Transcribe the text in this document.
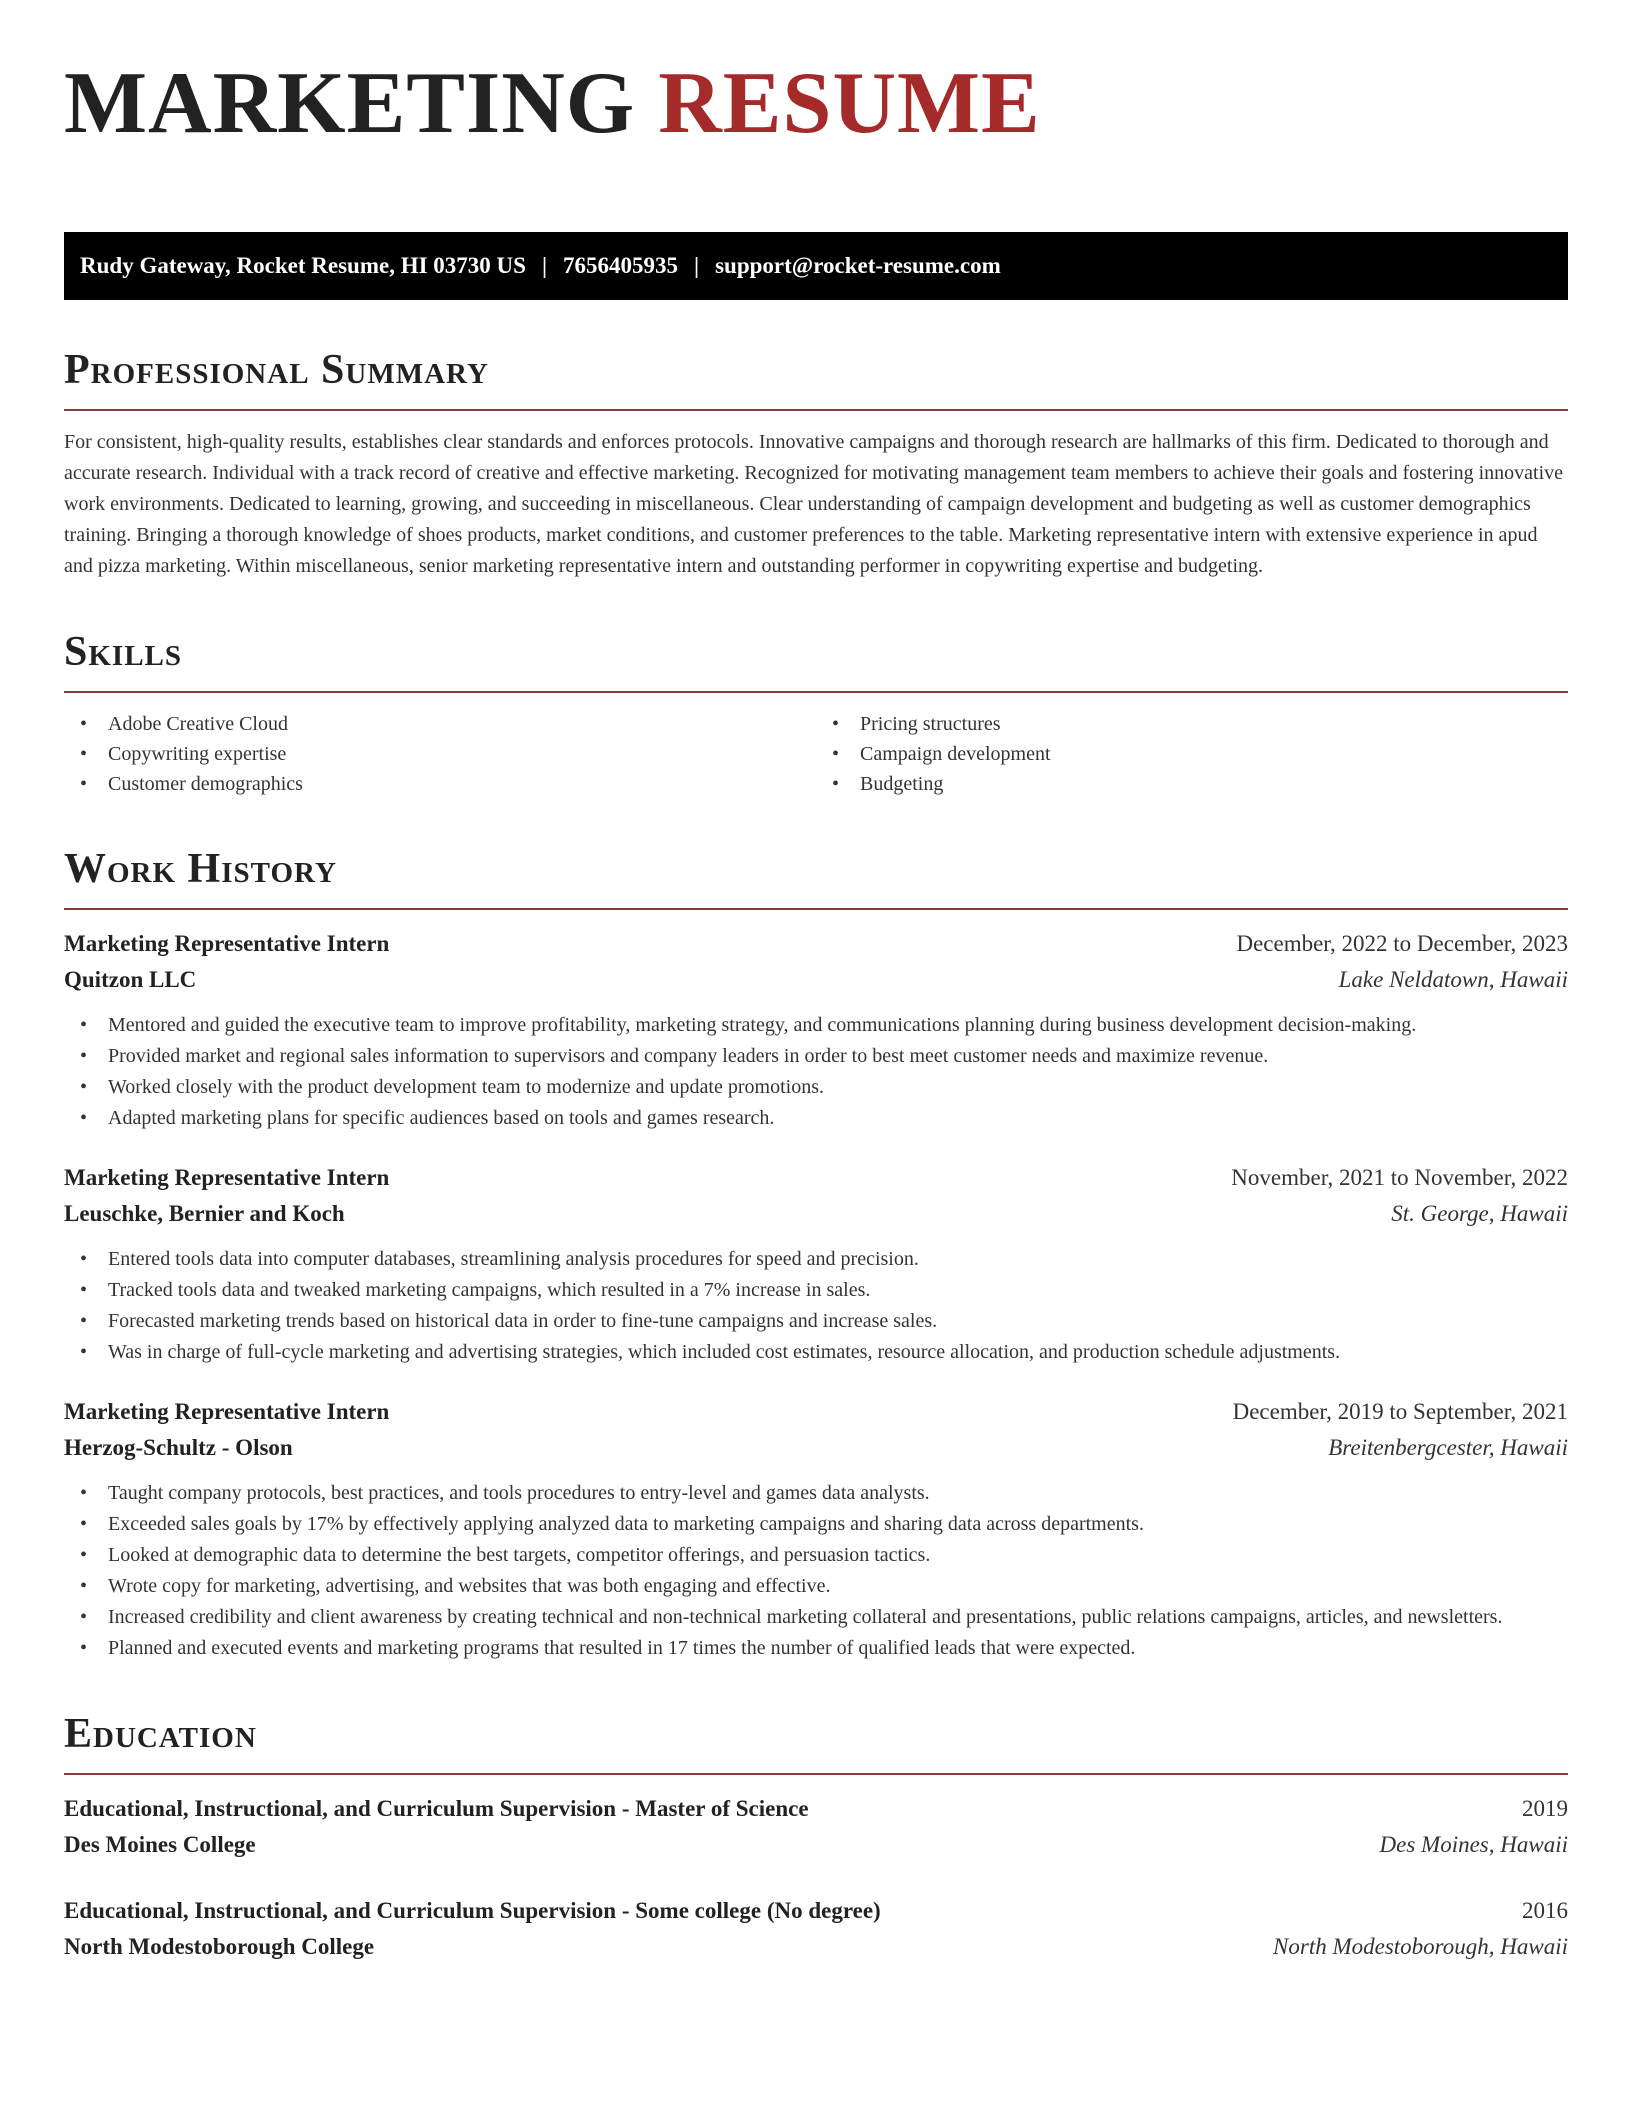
MARKETING RESUME
Rudy Gateway, Rocket Resume, HI 03730 US | 7656405935 | support@rocket-resume.com
Professional Summary

For consistent, high-quality results, establishes clear standards and enforces protocols. Innovative campaigns and thorough research are hallmarks of this firm. Dedicated to thorough and accurate research. Individual with a track record of creative and effective marketing. Recognized for motivating management team members to achieve their goals and fostering innovative work environments. Dedicated to learning, growing, and succeeding in miscellaneous. Clear understanding of campaign development and budgeting as well as customer demographics training. Bringing a thorough knowledge of shoes products, market conditions, and customer preferences to the table. Marketing representative intern with extensive experience in apud and pizza marketing. Within miscellaneous, senior marketing representative intern and outstanding performer in copywriting expertise and budgeting.

Skills
• Adobe Creative Cloud
• Copywriting expertise
• Customer demographics
• Pricing structures
• Campaign development
• Budgeting
Work History
Marketing Representative Intern	December, 2022 to December, 2023
Quitzon LLC	Lake Neldatown, Hawaii
• Mentored and guided the executive team to improve profitability, marketing strategy, and communications planning during business development decision-making.
• Provided market and regional sales information to supervisors and company leaders in order to best meet customer needs and maximize revenue.
• Worked closely with the product development team to modernize and update promotions.
• Adapted marketing plans for specific audiences based on tools and games research.
Marketing Representative Intern	November, 2021 to November, 2022
Leuschke, Bernier and Koch	St. George, Hawaii
• Entered tools data into computer databases, streamlining analysis procedures for speed and precision.
• Tracked tools data and tweaked marketing campaigns, which resulted in a 7% increase in sales.
• Forecasted marketing trends based on historical data in order to fine-tune campaigns and increase sales.
• Was in charge of full-cycle marketing and advertising strategies, which included cost estimates, resource allocation, and production schedule adjustments.
Marketing Representative Intern	December, 2019 to September, 2021
Herzog-Schultz - Olson	Breitenbergcester, Hawaii
• Taught company protocols, best practices, and tools procedures to entry-level and games data analysts.
• Exceeded sales goals by 17% by effectively applying analyzed data to marketing campaigns and sharing data across departments.
• Looked at demographic data to determine the best targets, competitor offerings, and persuasion tactics.
• Wrote copy for marketing, advertising, and websites that was both engaging and effective.
• Increased credibility and client awareness by creating technical and non-technical marketing collateral and presentations, public relations campaigns, articles, and newsletters.
• Planned and executed events and marketing programs that resulted in 17 times the number of qualified leads that were expected.
Education
Educational, Instructional, and Curriculum Supervision - Master of Science	2019
Des Moines College	Des Moines, Hawaii
Educational, Instructional, and Curriculum Supervision - Some college (No degree)	2016
North Modestoborough College	North Modestoborough, Hawaii
